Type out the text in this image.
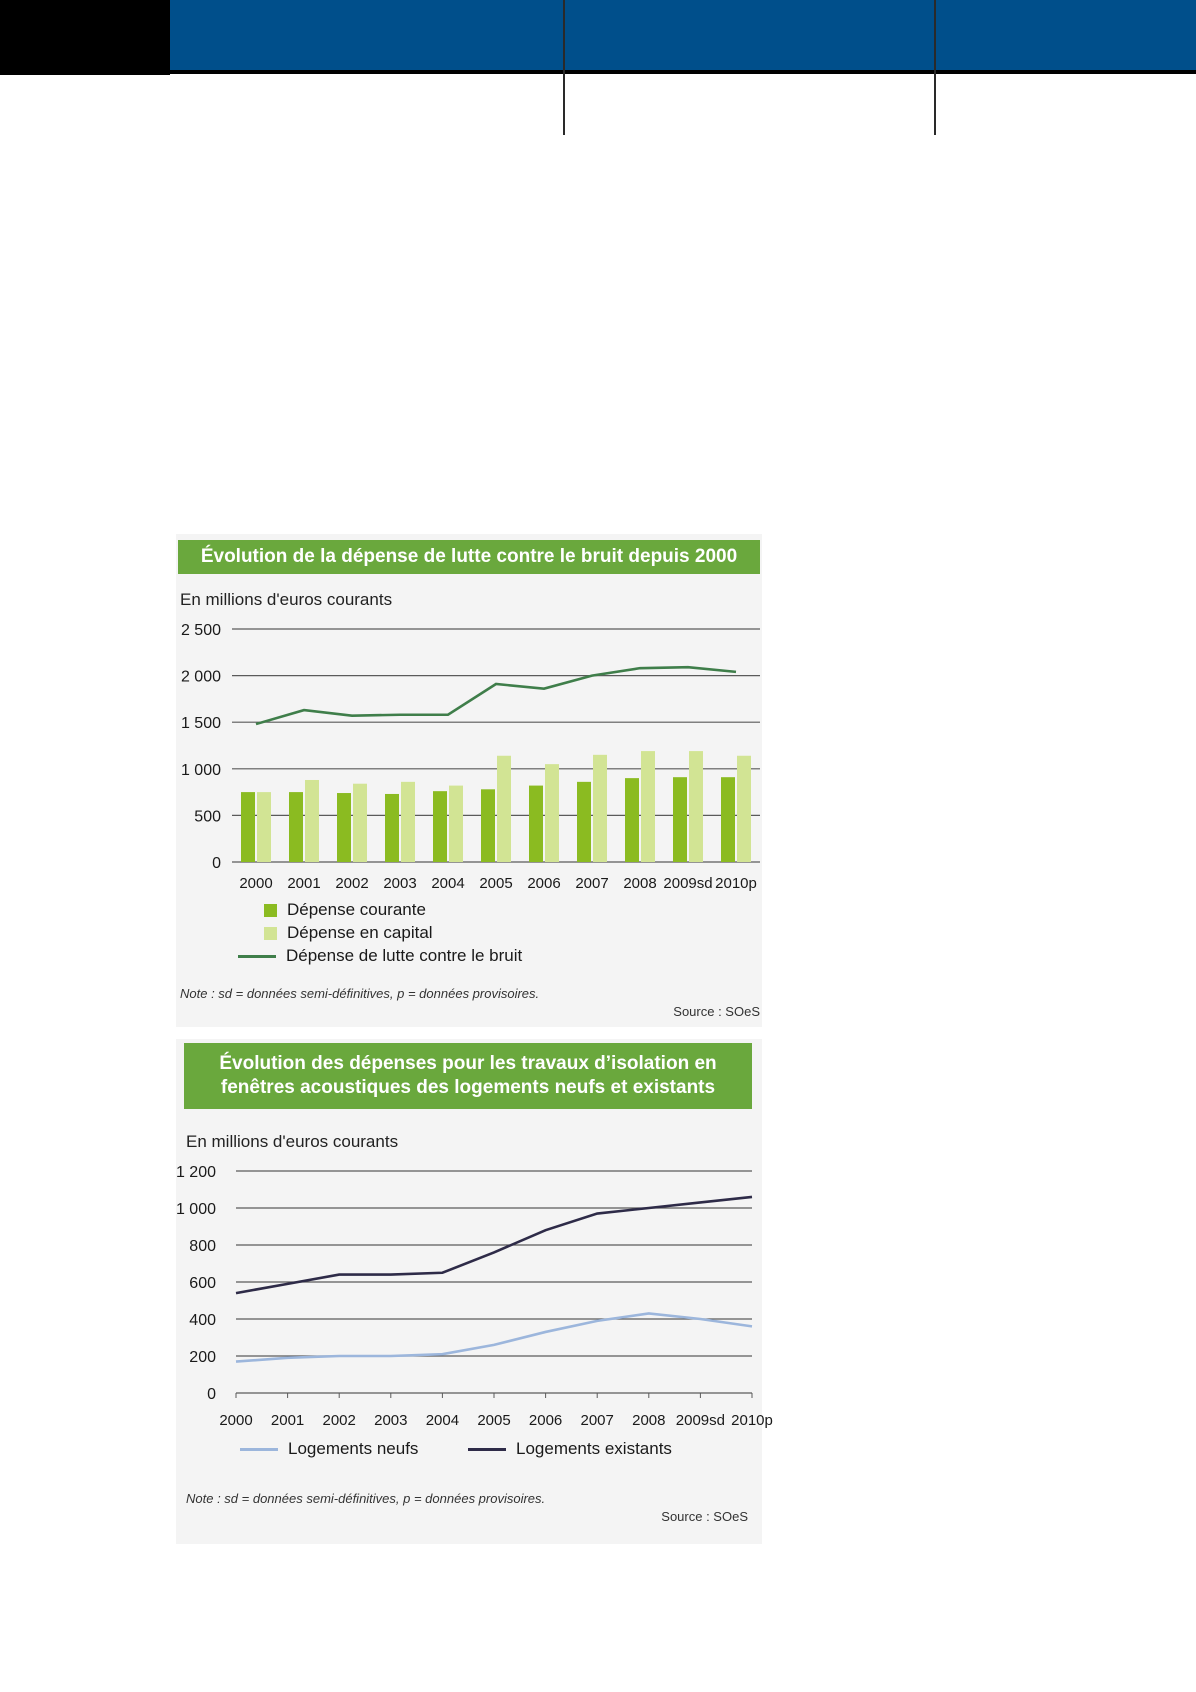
Évolution de la dépense de lutte contre le bruit depuis 2000
En millions d'euros courants
0
500
1 000
1 500
2 000
2 500
2000 2001 2002 2003 2004 2005 2006 2007 2008 2009sd 2010p
Dépense courante
Dépense en capital
Dépense de lutte contre le bruit
Note : sd = données semi-définitives, p = données provisoires.
Source : SOeS
Évolution des dépenses pour les travaux d’isolation en
fenêtres acoustiques des logements neufs et existants
En millions d'euros courants
0
200
400
600
800
1 000
1 200
2000 2001 2002 2003 2004 2005 2006 2007 2008 2009sd 2010p
Logements neufs	Logements existants
Note : sd = données semi-définitives, p = données provisoires.
Source : SOeS
